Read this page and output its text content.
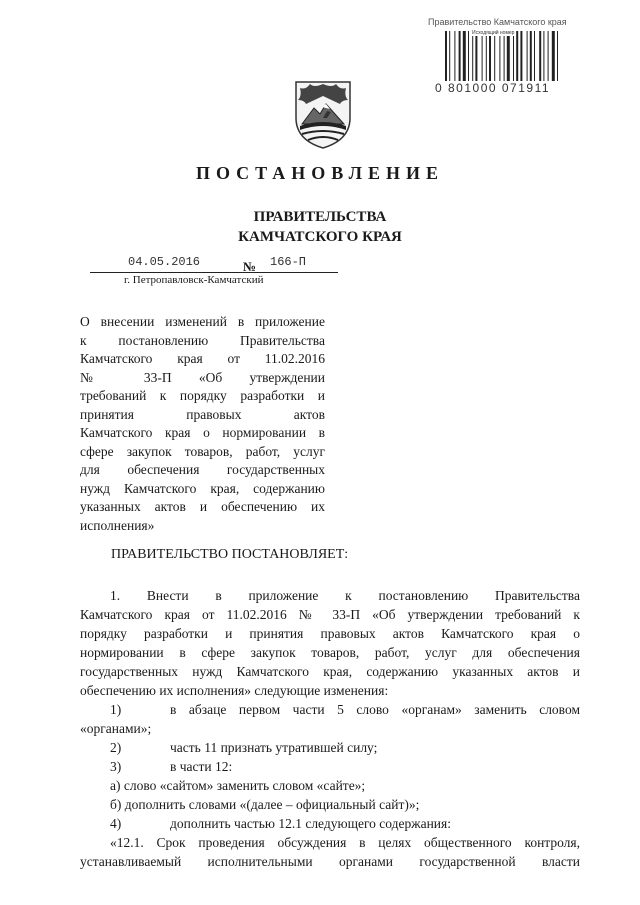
Правительство Камчатского края
Исходящий номер
0 801000 071911
ПОСТАНОВЛЕНИЕ
ПРАВИТЕЛЬСТВА
КАМЧАТСКОГО КРАЯ
04.05.2016	№ 166-П
г. Петропавловск-Камчатский
О внесении изменений в приложение
к постановлению Правительства
Камчатского края от 11.02.2016
№ 33-П «Об утверждении
требований к порядку разработки и
принятия правовых актов
Камчатского края о нормировании в
сфере закупок товаров, работ, услуг
для обеспечения государственных
нужд Камчатского края, содержанию
указанных актов и обеспечению их
исполнения»
ПРАВИТЕЛЬСТВО ПОСТАНОВЛЯЕТ:
1. Внести в приложение к постановлению Правительства
Камчатского края от 11.02.2016 № 33-П «Об утверждении требований к
порядку разработки и принятия правовых актов Камчатского края о
нормировании в сфере закупок товаров, работ, услуг для обеспечения
государственных нужд Камчатского края, содержанию указанных актов и
обеспечению их исполнения» следующие изменения:
1)	в абзаце первом части 5 слово «органам» заменить словом
«органами»;
2)	часть 11 признать утратившей силу;
3)	в части 12:
а) слово «сайтом» заменить словом «сайте»;
б) дополнить словами «(далее – официальный сайт)»;
4)	дополнить частью 12.1 следующего содержания:
«12.1. Срок проведения обсуждения в целях общественного контроля,
устанавливаемый исполнительными органами государственной власти
